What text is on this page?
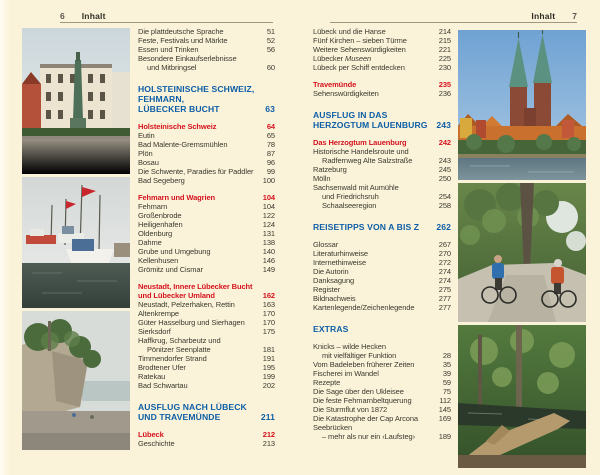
6 Inhalt	Inhalt 7
Die plattdeutsche Sprache	51
Feste, Festivals und Märkte	52
Essen und Trinken	56
Besondere Einkaufserlebnisse
und Mitbringsel	60
HOLSTEINISCHE SCHWEIZ,
FEHMARN,
LÜBECKER BUCHT	63
Holsteinische Schweiz	64
Eutin	65
Bad Malente-Gremsmühlen	78
Plön	87
Bosau	96
Die Schwente, Paradies für Paddler 99
Bad Segeberg	100
Fehmarn und Wagrien	104
Fehmarn	104
Großenbrode	122
Heiligenhafen	124
Oldenburg	131
Dahme	138
Grube und Umgebung	140
Kellenhusen	146
Grömitz und Cismar	149
Neustadt, Innere Lübecker Bucht
und Lübecker Umland	162
Neustadt, Pelzerhaken, Rettin	163
Altenkrempe	170
Güter Hasselburg und Sierhagen 170
Sierksdorf	175
Haffkrug, Scharbeutz und
Pönitzer Seenplatte	181
Timmendorfer Strand	191
Brodtener Ufer	195
Ratekau	199
Bad Schwartau	202
AUSFLUG NACH LÜBECK
UND TRAVEMÜNDE	211
Lübeck	212
Geschichte	213
Lübeck und die Hanse	214
Fünf Kirchen – sieben Türme	215
Weitere Sehenswürdigkeiten	221
Lübecker Museen	225
Lübeck per Schiff entdecken	230
Travemünde	235
Sehenswürdigkeiten	236
AUSFLUG IN DAS
HERZOGTUM LAUENBURG 243
Das Herzogtum Lauenburg	242
Historische Handelsroute und
Radfernweg Alte Salzstraße	243
Ratzeburg	245
Mölln	250
Sachsenwald mit Aumühle
und Friedrichsruh	254
Schaalseeregion	258
REISETIPPS VON A BIS Z 262
Glossar	267
Literaturhinweise	270
Internethinweise	272
Die Autorin	274
Danksagung	274
Register	275
Bildnachweis	277
Kartenlegende/Zeichenlegende	277
EXTRAS
Knicks – wilde Hecken
mit vielfältiger Funktion	28
Vom Badeleben früherer Zeiten	35
Fischerei im Wandel	39
Rezepte	59
Die Sage über den Ukleisee	75
Die feste Fehmarnbeltquerung	112
Die Sturmflut von 1872	145
Die Katastrophe der Cap Arcona	169
Seebrücken
– mehr als nur ein ‹Laufsteg›	189
